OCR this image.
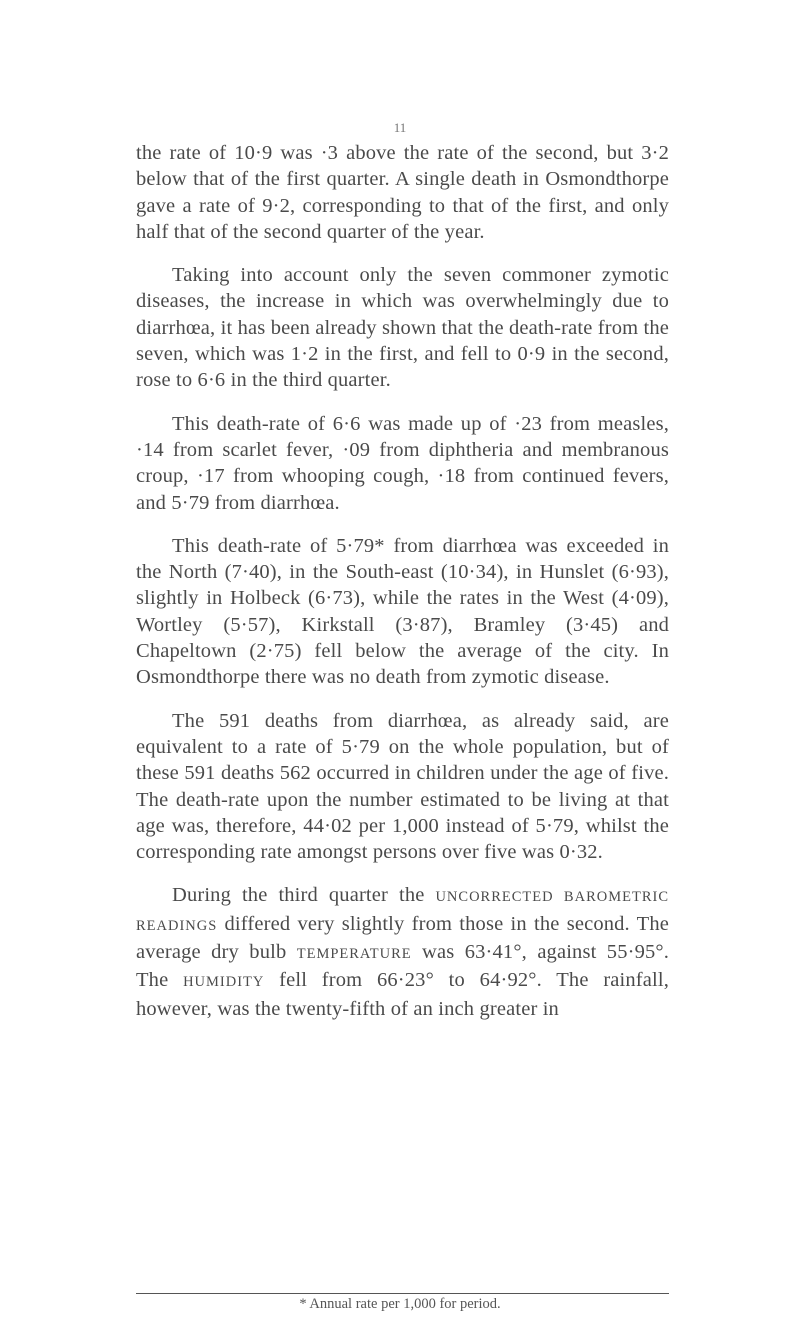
11

the rate of 10·9 was ·3 above the rate of the second, but 3·2 below that of the first quarter. A single death in Osmondthorpe gave a rate of 9·2, corresponding to that of the first, and only half that of the second quarter of the year.

Taking into account only the seven commoner zymotic diseases, the increase in which was overwhelmingly due to diarrhœa, it has been already shown that the death-rate from the seven, which was 1·2 in the first, and fell to 0·9 in the second, rose to 6·6 in the third quarter.

This death-rate of 6·6 was made up of ·23 from measles, ·14 from scarlet fever, ·09 from diphtheria and membranous croup, ·17 from whooping cough, ·18 from continued fevers, and 5·79 from diarrhœa.

This death-rate of 5·79* from diarrhœa was exceeded in the North (7·40), in the South-east (10·34), in Hunslet (6·93), slightly in Holbeck (6·73), while the rates in the West (4·09), Wortley (5·57), Kirkstall (3·87), Bramley (3·45) and Chapeltown (2·75) fell below the average of the city. In Osmondthorpe there was no death from zymotic disease.

The 591 deaths from diarrhœa, as already said, are equivalent to a rate of 5·79 on the whole population, but of these 591 deaths 562 occurred in children under the age of five. The death-rate upon the number estimated to be living at that age was, therefore, 44·02 per 1,000 instead of 5·79, whilst the corresponding rate amongst persons over five was 0·32.

During the third quarter the UNCORRECTED BAROMETRIC READINGS differed very slightly from those in the second. The average dry bulb TEMPERATURE was 63·41°, against 55·95°. The HUMIDITY fell from 66·23° to 64·92°. The rainfall, however, was the twenty-fifth of an inch greater in

* Annual rate per 1,000 for period.
